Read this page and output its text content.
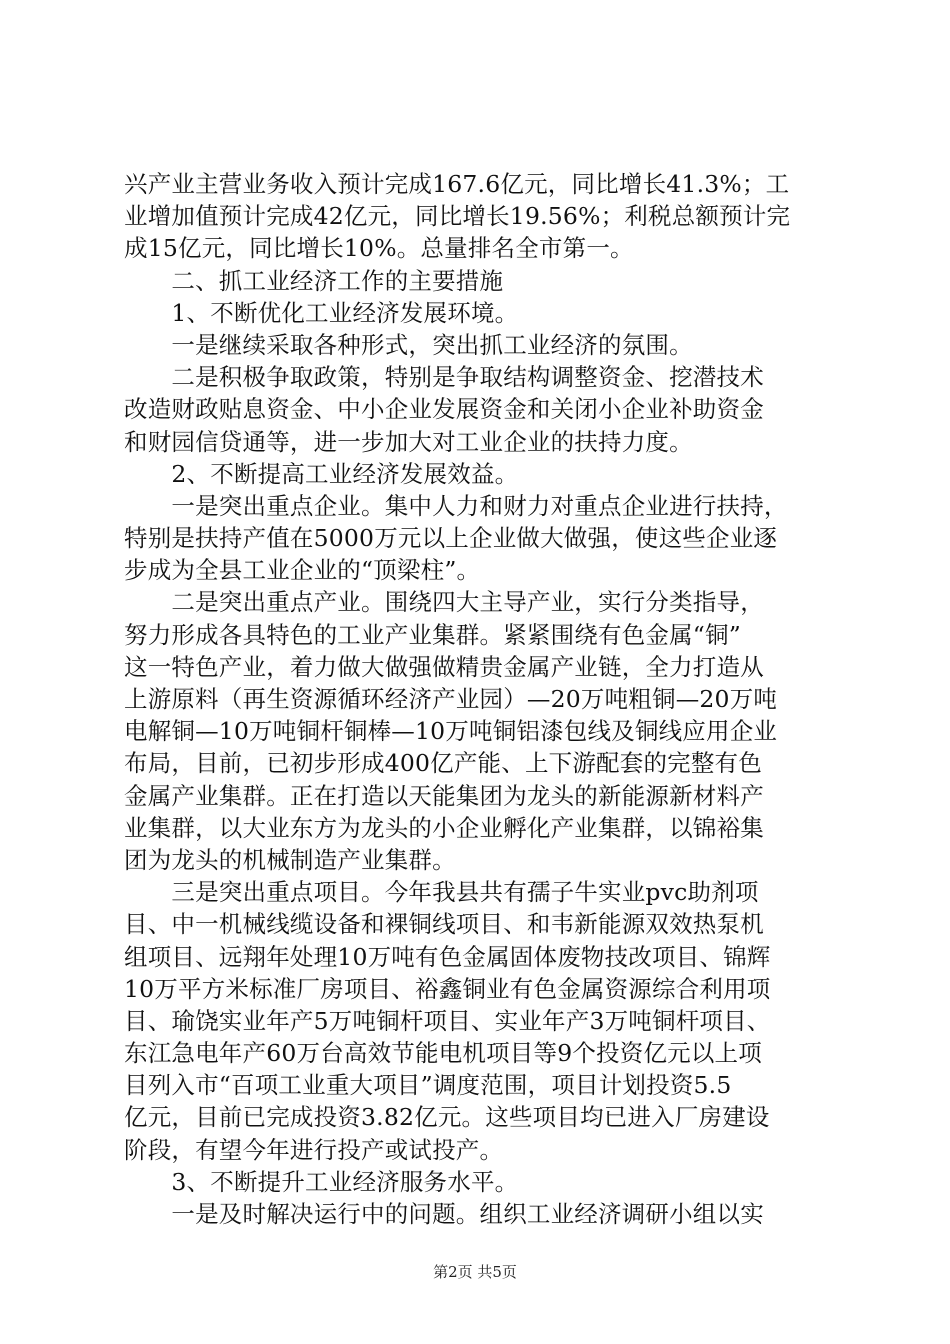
兴产业主营业务收入预计完成167.6亿元，同比增长41.3%；工
业增加值预计完成42亿元，同比增长19.56%；利税总额预计完
成15亿元，同比增长10%。总量排名全市第一。
　　二、抓工业经济工作的主要措施
　　1、不断优化工业经济发展环境。
　　一是继续采取各种形式，突出抓工业经济的氛围。
　　二是积极争取政策，特别是争取结构调整资金、挖潜技术
改造财政贴息资金、中小企业发展资金和关闭小企业补助资金
和财园信贷通等，进一步加大对工业企业的扶持力度。
　　2、不断提高工业经济发展效益。
　　一是突出重点企业。集中人力和财力对重点企业进行扶持，
特别是扶持产值在5000万元以上企业做大做强，使这些企业逐
步成为全县工业企业的“顶梁柱”。
　　二是突出重点产业。围绕四大主导产业，实行分类指导，
努力形成各具特色的工业产业集群。紧紧围绕有色金属“铜”
这一特色产业，着力做大做强做精贵金属产业链，全力打造从
上游原料（再生资源循环经济产业园）—20万吨粗铜—20万吨
电解铜—10万吨铜杆铜棒—10万吨铜铝漆包线及铜线应用企业
布局，目前，已初步形成400亿产能、上下游配套的完整有色
金属产业集群。正在打造以天能集团为龙头的新能源新材料产
业集群，以大业东方为龙头的小企业孵化产业集群，以锦裕集
团为龙头的机械制造产业集群。
　　三是突出重点项目。今年我县共有孺子牛实业pvc助剂项
目、中一机械线缆设备和裸铜线项目、和韦新能源双效热泵机
组项目、远翔年处理10万吨有色金属固体废物技改项目、锦辉
10万平方米标准厂房项目、裕鑫铜业有色金属资源综合利用项
目、瑜饶实业年产5万吨铜杆项目、实业年产3万吨铜杆项目、
东江急电年产60万台高效节能电机项目等9个投资亿元以上项
目列入市“百项工业重大项目”调度范围，项目计划投资5.5
亿元，目前已完成投资3.82亿元。这些项目均已进入厂房建设
阶段，有望今年进行投产或试投产。
　　3、不断提升工业经济服务水平。
　　一是及时解决运行中的问题。组织工业经济调研小组以实
第2页 共5页
